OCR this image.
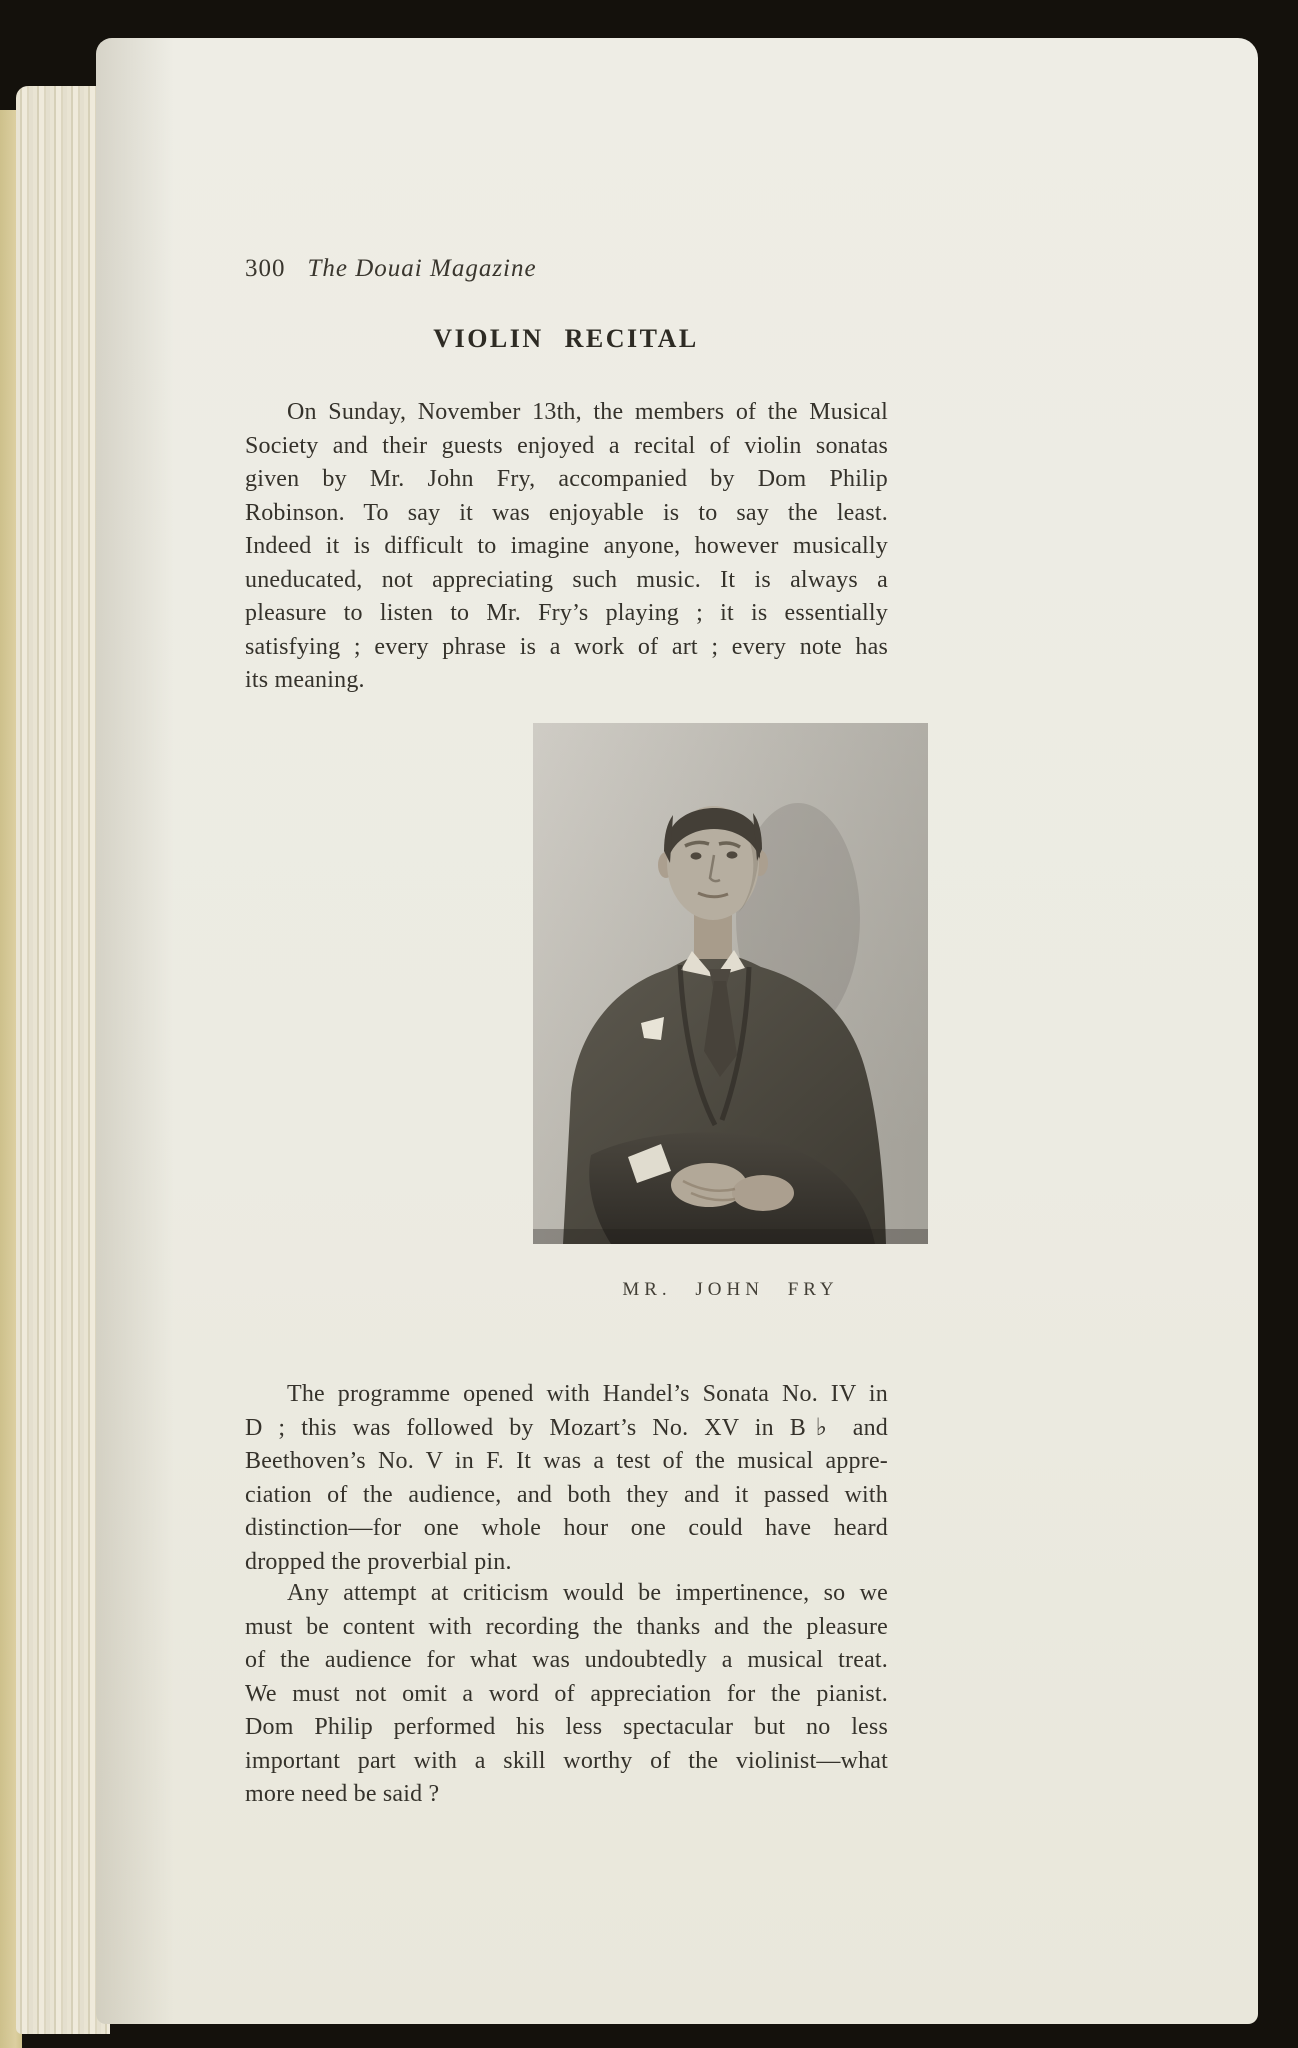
300 The Douai Magazine
VIOLIN RECITAL
On Sunday, November 13th, the members of the Musical
Society and their guests enjoyed a recital of violin sonatas
given by Mr. John Fry, accompanied by Dom Philip
Robinson. To say it was enjoyable is to say the least.
Indeed it is difficult to imagine anyone, however musically
uneducated, not appreciating such music. It is always a
pleasure to listen to Mr. Fry’s playing ; it is essentially
satisfying ; every phrase is a work of art ; every note has
its meaning.
MR. JOHN FRY
The programme opened with Handel’s Sonata No. IV in
D ; this was followed by Mozart’s No. XV in B♭ and
Beethoven’s No. V in F. It was a test of the musical appre-
ciation of the audience, and both they and it passed with
distinction—for one whole hour one could have heard
dropped the proverbial pin.
Any attempt at criticism would be impertinence, so we
must be content with recording the thanks and the pleasure
of the audience for what was undoubtedly a musical treat.
We must not omit a word of appreciation for the pianist.
Dom Philip performed his less spectacular but no less
important part with a skill worthy of the violinist—what
more need be said ?
